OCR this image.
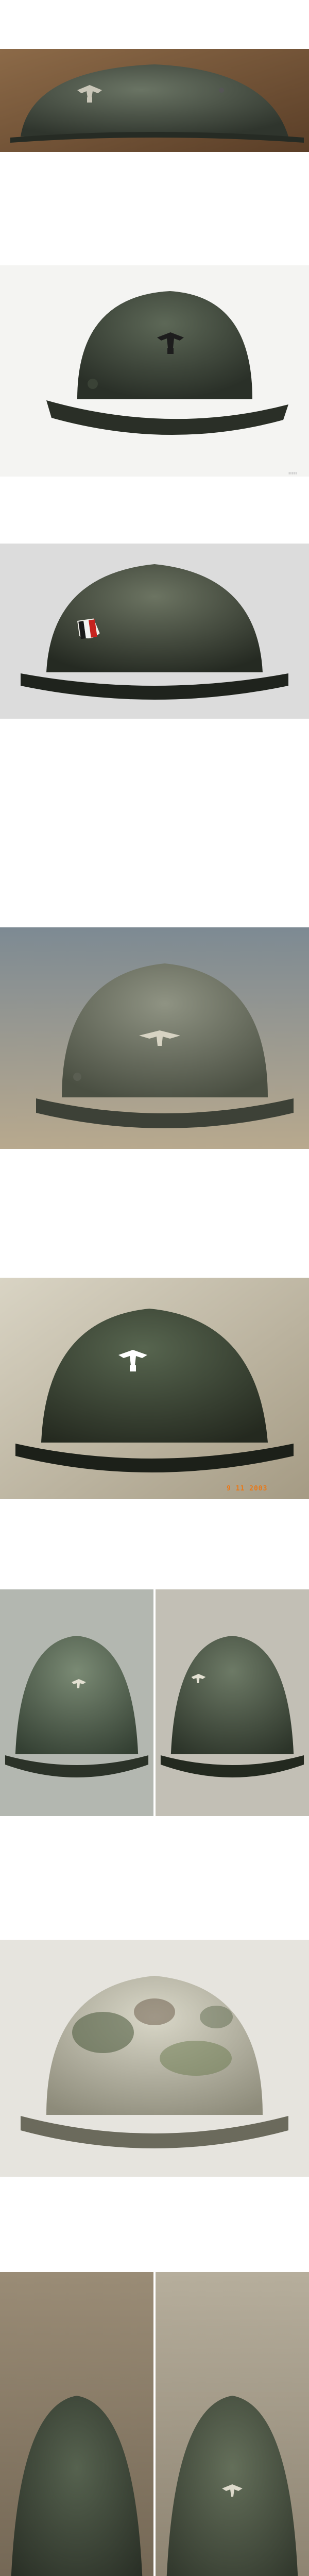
▮▮▮▮▮
9 11 2003
